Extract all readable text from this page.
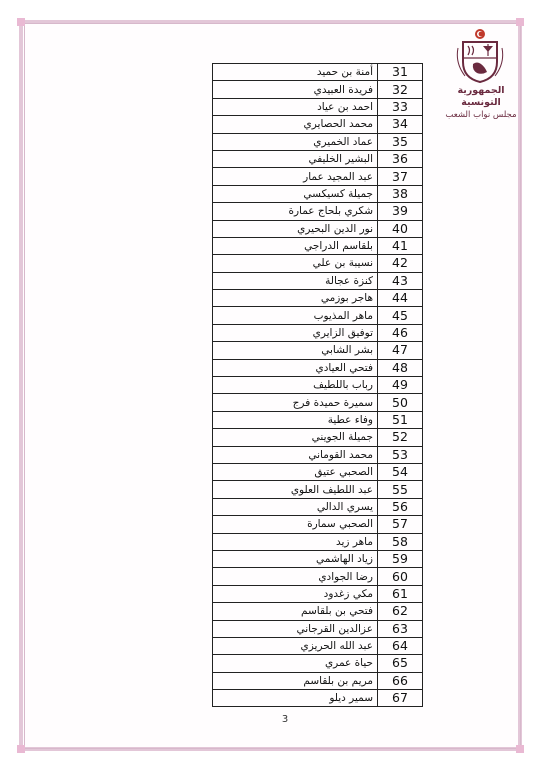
الجمهورية التونسية
مجلس نواب الشعب
31	أمنة بن حميد
32	فريدة العبيدي
33	احمد بن عياد
34	محمد الحصايري
35	عماد الخميري
36	البشير الخليفي
37	عبد المجيد عمار
38	جميلة كسيكسي
39	شكري بلحاج عمارة
40	نور الدين البحيري
41	بلقاسم الدراجي
42	نسيبة بن علي
43	كنزة عجالة
44	هاجر بوزمي
45	ماهر المذيوب
46	توفيق الزايري
47	بشر الشابي
48	فتحي العيادي
49	رباب باللطيف
50	سميرة حميدة فرج
51	وفاء عطية
52	جميلة الجويني
53	محمد القوماني
54	الصحبي عتيق
55	عبد اللطيف العلوي
56	يسري الدالي
57	الصحبي سمارة
58	ماهر زيد
59	زياد الهاشمي
60	رضا الجوادي
61	مكي زغدود
62	فتحي بن بلقاسم
63	عزالدين القرجاني
64	عبد الله الحريزي
65	حياة عمري
66	مريم بن بلقاسم
67	سمير ديلو
3
